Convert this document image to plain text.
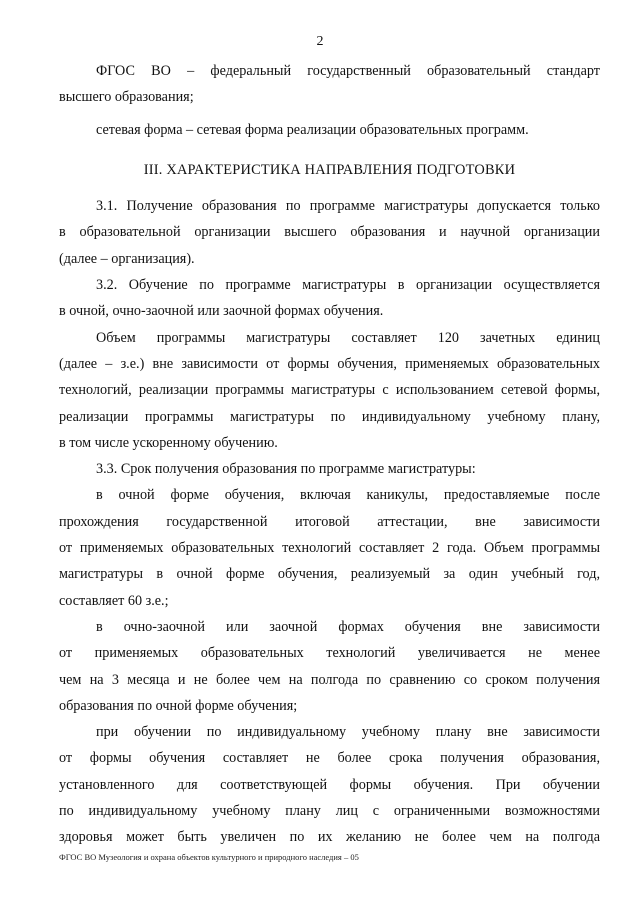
2
ФГОС ВО – федеральный государственный образовательный стандарт
высшего образования;
сетевая форма – сетевая форма реализации образовательных программ.
III. ХАРАКТЕРИСТИКА НАПРАВЛЕНИЯ ПОДГОТОВКИ
3.1. Получение образования по программе магистратуры допускается только
в образовательной организации высшего образования и научной организации
(далее – организация).
3.2. Обучение по программе магистратуры в организации осуществляется
в очной, очно-заочной или заочной формах обучения.
Объем программы магистратуры составляет 120 зачетных единиц
(далее – з.е.) вне зависимости от формы обучения, применяемых образовательных
технологий, реализации программы магистратуры с использованием сетевой формы,
реализации программы магистратуры по индивидуальному учебному плану,
в том числе ускоренному обучению.
3.3. Срок получения образования по программе магистратуры:
в очной форме обучения, включая каникулы, предоставляемые после
прохождения государственной итоговой аттестации, вне зависимости
от применяемых образовательных технологий составляет 2 года. Объем программы
магистратуры в очной форме обучения, реализуемый за один учебный год,
составляет 60 з.е.;
в очно-заочной или заочной формах обучения вне зависимости
от применяемых образовательных технологий увеличивается не менее
чем на 3 месяца и не более чем на полгода по сравнению со сроком получения
образования по очной форме обучения;
при обучении по индивидуальному учебному плану вне зависимости
от формы обучения составляет не более срока получения образования,
установленного для соответствующей формы обучения. При обучении
по индивидуальному учебному плану лиц с ограниченными возможностями
здоровья может быть увеличен по их желанию не более чем на полгода
ФГОС ВО Музеология и охрана объектов культурного и природного наследия – 05
